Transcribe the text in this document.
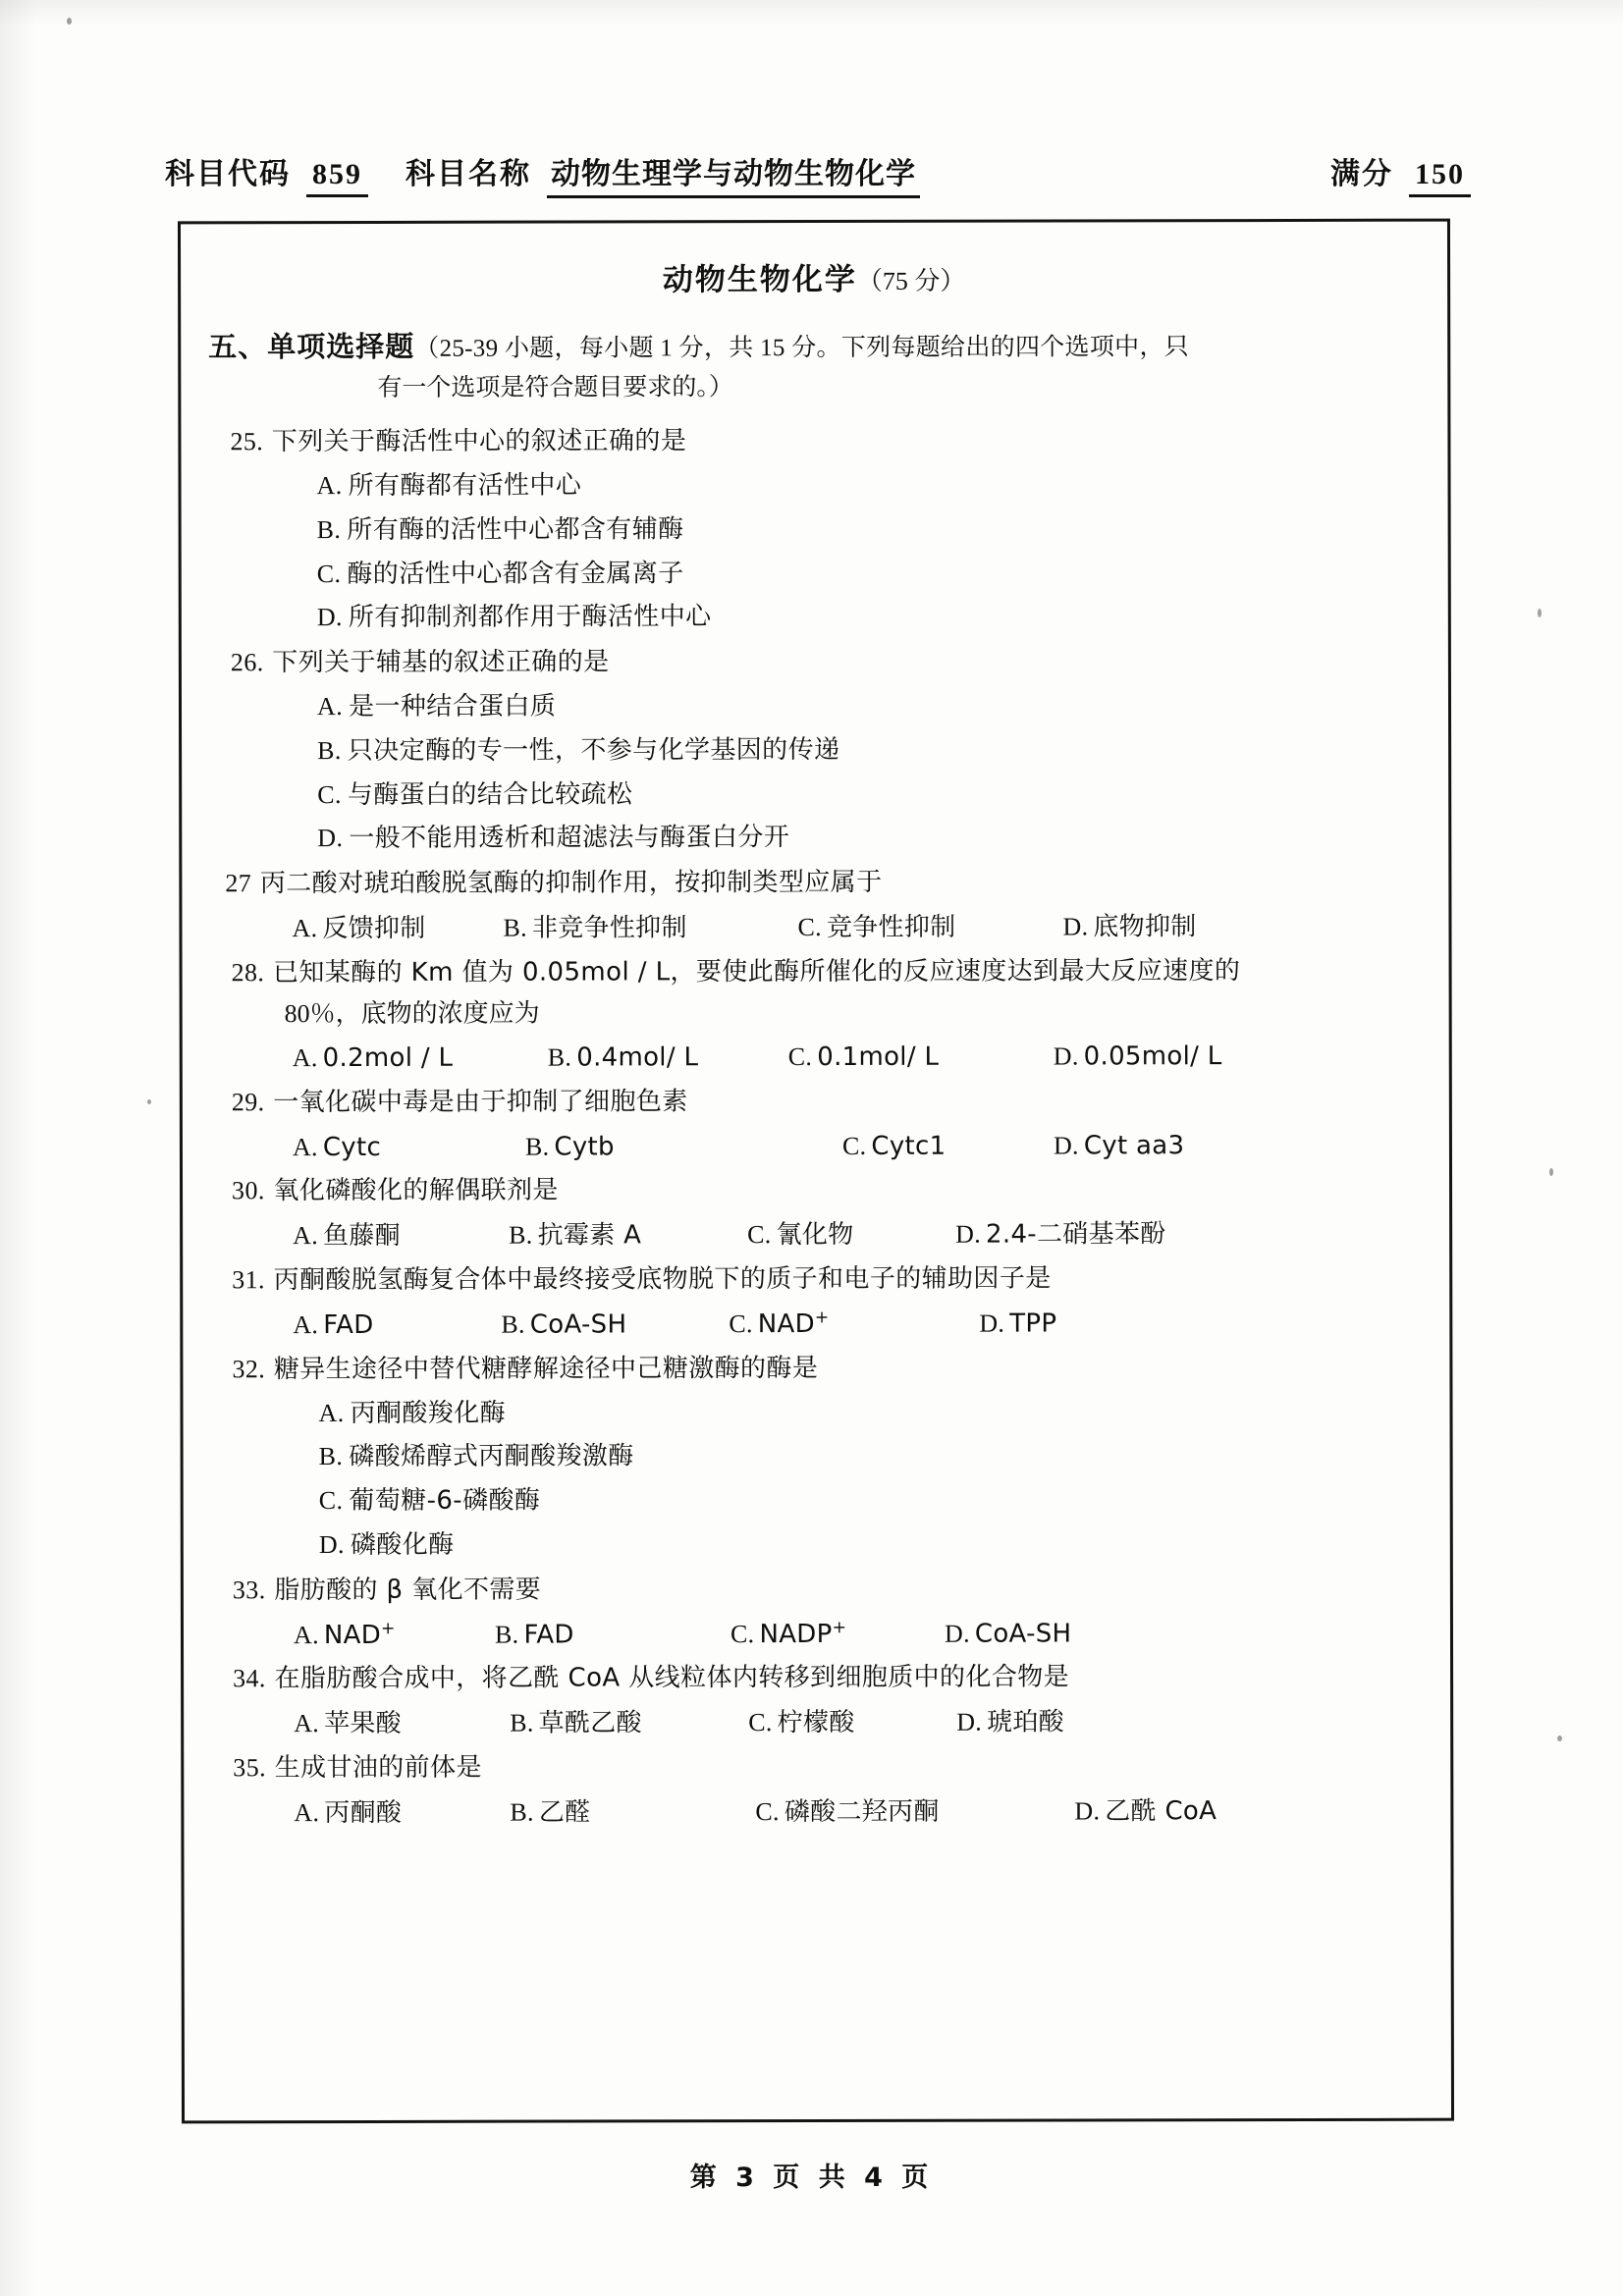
科目代码 859 科目名称 动物生理学与动物生物化学	满分 150
动物生物化学（75 分）
五、单项选择题（25-39 小题，每小题 1 分，共 15 分。下列每题给出的四个选项中，只
有一个选项是符合题目要求的。）
25. 下列关于酶活性中心的叙述正确的是
A. 所有酶都有活性中心
B. 所有酶的活性中心都含有辅酶
C. 酶的活性中心都含有金属离子
D. 所有抑制剂都作用于酶活性中心
26. 下列关于辅基的叙述正确的是
A. 是一种结合蛋白质
B. 只决定酶的专一性，不参与化学基因的传递
C. 与酶蛋白的结合比较疏松
D. 一般不能用透析和超滤法与酶蛋白分开
27 丙二酸对琥珀酸脱氢酶的抑制作用，按抑制类型应属于
A. 反馈抑制	B. 非竞争性抑制	C. 竞争性抑制	D. 底物抑制
28. 已知某酶的 Km 值为 0.05mol / L，要使此酶所催化的反应速度达到最大反应速度的
80％，底物的浓度应为
A. 0.2mol / L	B. 0.4mol/ L	C. 0.1mol/ L	D. 0.05mol/ L
29. 一氧化碳中毒是由于抑制了细胞色素
A. Cytc	B. Cytb	C. Cytc1	D. Cyt aa3
30. 氧化磷酸化的解偶联剂是
A. 鱼藤酮	B. 抗霉素 A	C. 氰化物	D. 2.4-二硝基苯酚
31. 丙酮酸脱氢酶复合体中最终接受底物脱下的质子和电子的辅助因子是
A. FAD	B. CoA-SH	C. NAD+	D. TPP
32. 糖异生途径中替代糖酵解途径中己糖激酶的酶是
A. 丙酮酸羧化酶
B. 磷酸烯醇式丙酮酸羧激酶
C. 葡萄糖-6-磷酸酶
D. 磷酸化酶
33. 脂肪酸的 β 氧化不需要
A. NAD+	B. FAD	C. NADP+	D. CoA-SH
34. 在脂肪酸合成中，将乙酰 CoA 从线粒体内转移到细胞质中的化合物是
A. 苹果酸	B. 草酰乙酸	C. 柠檬酸	D. 琥珀酸
35. 生成甘油的前体是
A. 丙酮酸	B. 乙醛	C. 磷酸二羟丙酮	D. 乙酰 CoA
第 3 页 共 4 页
